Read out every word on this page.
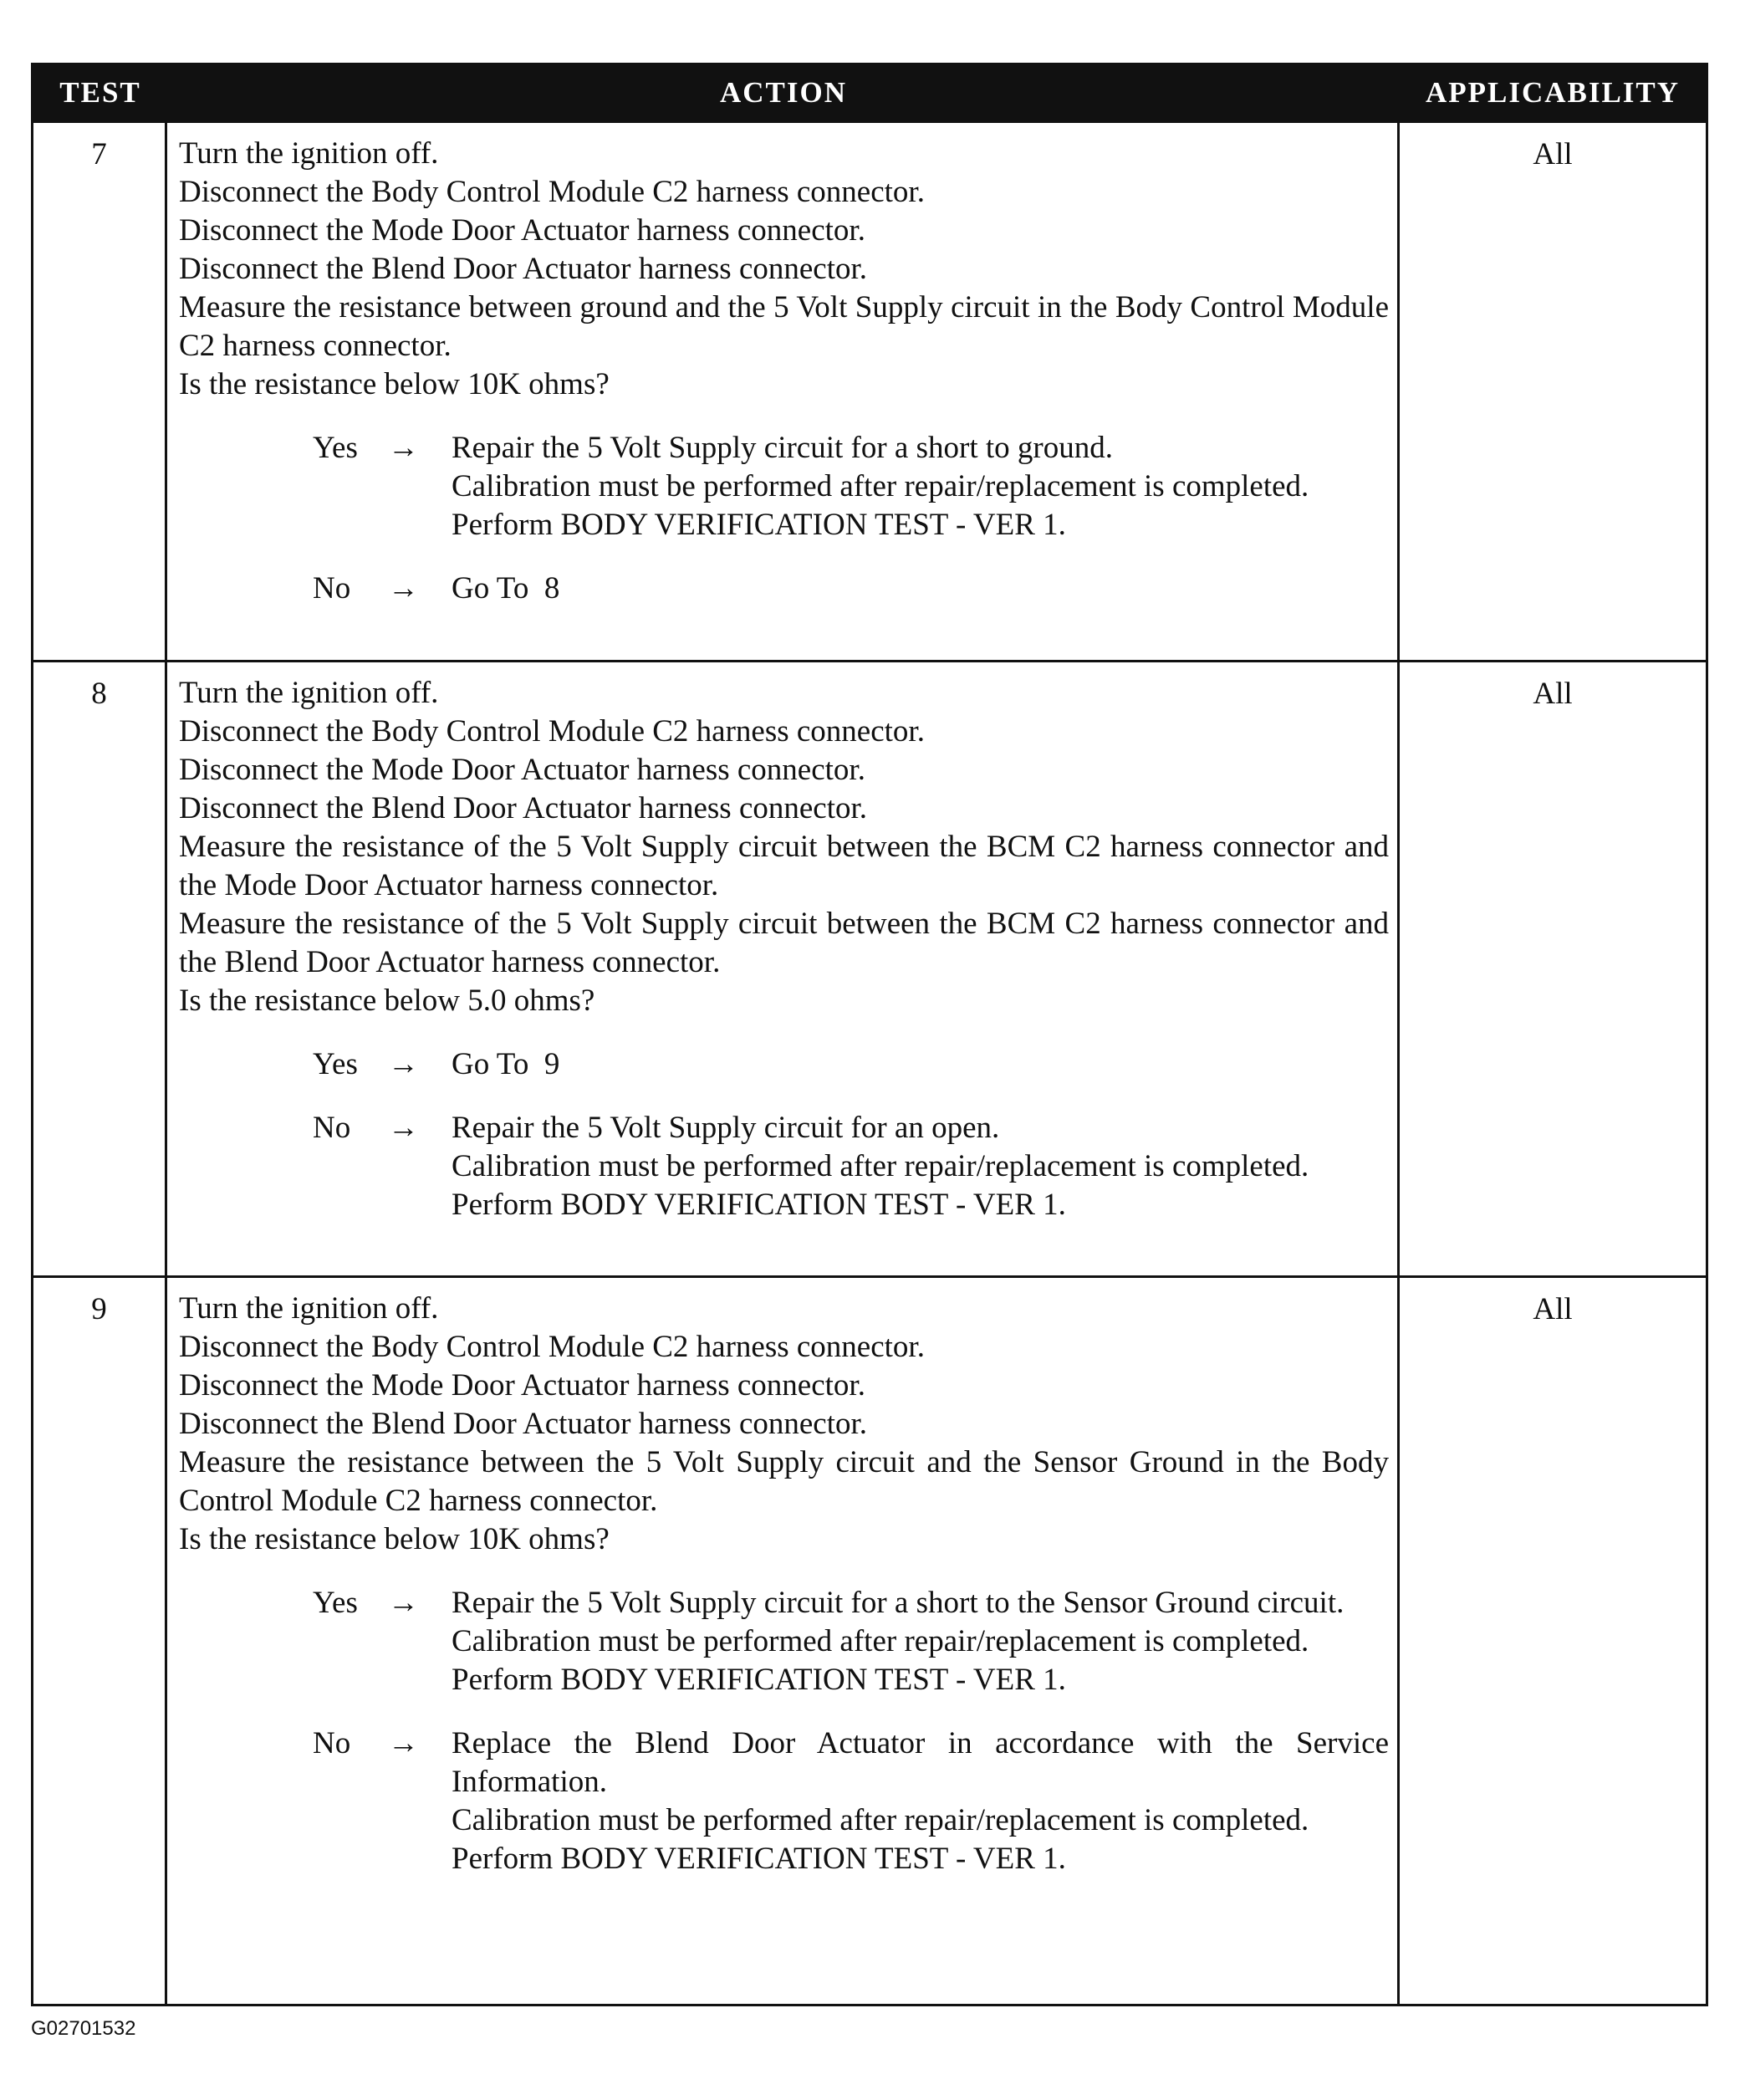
TEST	ACTION	APPLICABILITY
7	Turn the ignition off.
Disconnect the Body Control Module C2 harness connector.
Disconnect the Mode Door Actuator harness connector.
Disconnect the Blend Door Actuator harness connector.
Measure the resistance between ground and the 5 Volt Supply circuit in the Body Control Module C2 harness connector.
Is the resistance below 10K ohms?
Yes →	Repair the 5 Volt Supply circuit for a short to ground.
Calibration must be performed after repair/replacement is completed.
Perform BODY VERIFICATION TEST - VER 1.
No	→	Go To  8
All
8	Turn the ignition off.
Disconnect the Body Control Module C2 harness connector.
Disconnect the Mode Door Actuator harness connector.
Disconnect the Blend Door Actuator harness connector.
Measure the resistance of the 5 Volt Supply circuit between the BCM C2 harness connector and the Mode Door Actuator harness connector.
Measure the resistance of the 5 Volt Supply circuit between the BCM C2 harness connector and the Blend Door Actuator harness connector.
Is the resistance below 5.0 ohms?
Yes →	Go To  9
No	→	Repair the 5 Volt Supply circuit for an open.
Calibration must be performed after repair/replacement is completed.
Perform BODY VERIFICATION TEST - VER 1.
All
9	Turn the ignition off.
Disconnect the Body Control Module C2 harness connector.
Disconnect the Mode Door Actuator harness connector.
Disconnect the Blend Door Actuator harness connector.
Measure the resistance between the 5 Volt Supply circuit and the Sensor Ground in the Body Control Module C2 harness connector.
Is the resistance below 10K ohms?
Yes →	Repair the 5 Volt Supply circuit for a short to the Sensor Ground circuit.
Calibration must be performed after repair/replacement is completed.
Perform BODY VERIFICATION TEST - VER 1.
No	→	Replace the Blend Door Actuator in accordance with the Service Information.
Calibration must be performed after repair/replacement is completed.
Perform BODY VERIFICATION TEST - VER 1.
All
G02701532
